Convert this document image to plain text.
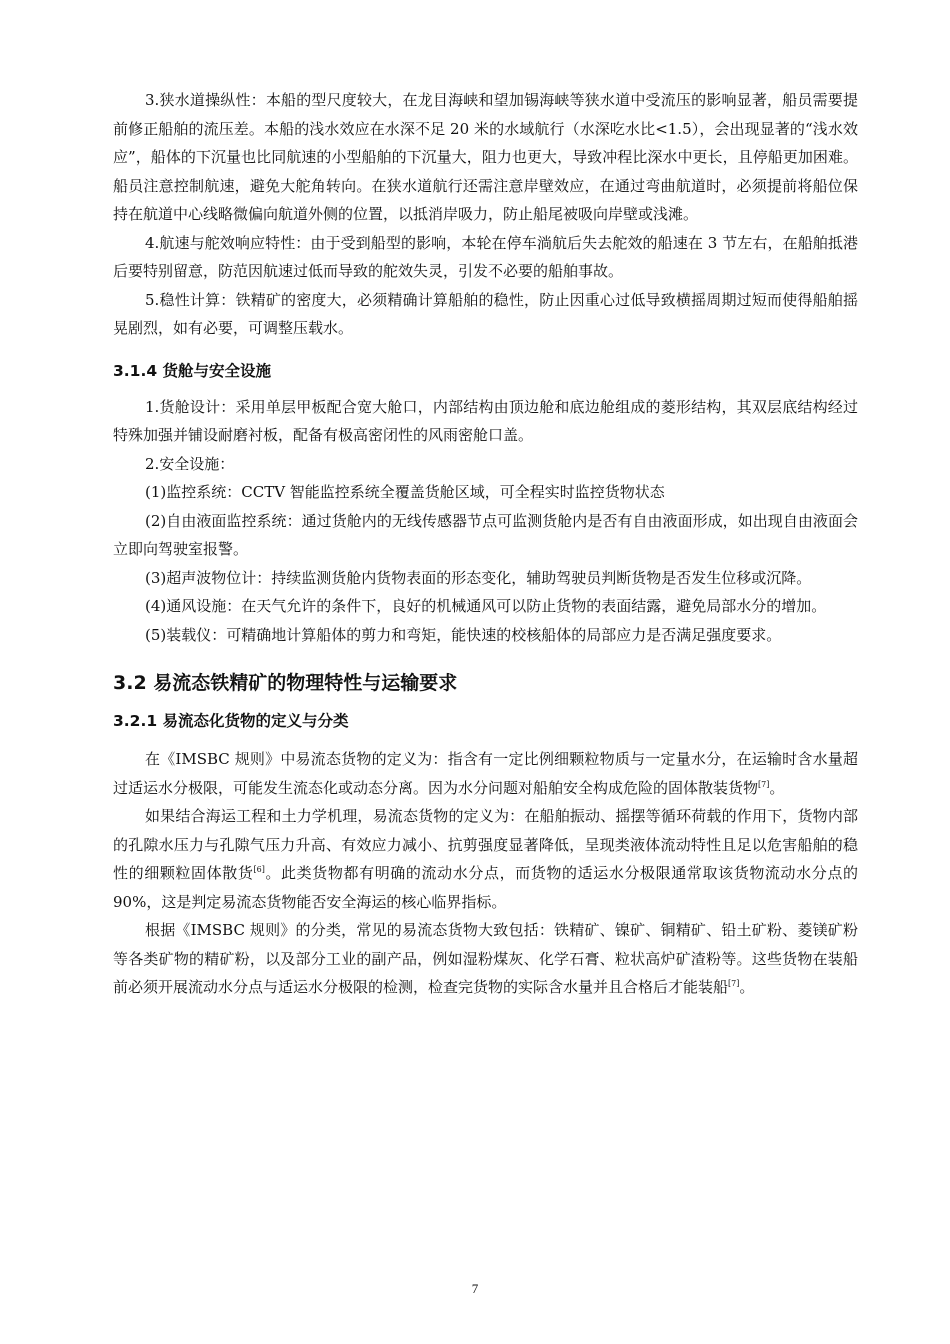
3.狭水道操纵性：本船的型尺度较大，在龙目海峡和望加锡海峡等狭水道中受流压的影响显著，船员需要提前修正船舶的流压差。本船的浅水效应在水深不足 20 米的水域航行（水深吃水比<1.5），会出现显著的“浅水效应”，船体的下沉量也比同航速的小型船舶的下沉量大，阻力也更大，导致冲程比深水中更长，且停船更加困难。船员注意控制航速，避免大舵角转向。在狭水道航行还需注意岸壁效应，在通过弯曲航道时，必须提前将船位保持在航道中心线略微偏向航道外侧的位置，以抵消岸吸力，防止船尾被吸向岸壁或浅滩。

4.航速与舵效响应特性：由于受到船型的影响，本轮在停车淌航后失去舵效的船速在 3 节左右，在船舶抵港后要特别留意，防范因航速过低而导致的舵效失灵，引发不必要的船舶事故。

5.稳性计算：铁精矿的密度大，必须精确计算船舶的稳性，防止因重心过低导致横摇周期过短而使得船舶摇晃剧烈，如有必要，可调整压载水。

3.1.4 货舱与安全设施

1.货舱设计：采用单层甲板配合宽大舱口，内部结构由顶边舱和底边舱组成的菱形结构，其双层底结构经过特殊加强并铺设耐磨衬板，配备有极高密闭性的风雨密舱口盖。

2.安全设施：

(1)监控系统：CCTV 智能监控系统全覆盖货舱区域，可全程实时监控货物状态

(2)自由液面监控系统：通过货舱内的无线传感器节点可监测货舱内是否有自由液面形成，如出现自由液面会立即向驾驶室报警。

(3)超声波物位计：持续监测货舱内货物表面的形态变化，辅助驾驶员判断货物是否发生位移或沉降。

(4)通风设施：在天气允许的条件下，良好的机械通风可以防止货物的表面结露，避免局部水分的增加。

(5)装载仪：可精确地计算船体的剪力和弯矩，能快速的校核船体的局部应力是否满足强度要求。

3.2 易流态铁精矿的物理特性与运输要求
3.2.1 易流态化货物的定义与分类

在《IMSBC 规则》中易流态货物的定义为：指含有一定比例细颗粒物质与一定量水分，在运输时含水量超过适运水分极限，可能发生流态化或动态分离。因为水分问题对船舶安全构成危险的固体散装货物[7]。

如果结合海运工程和土力学机理，易流态货物的定义为：在船舶振动、摇摆等循环荷载的作用下，货物内部的孔隙水压力与孔隙气压力升高、有效应力减小、抗剪强度显著降低，呈现类液体流动特性且足以危害船舶的稳性的细颗粒固体散货[6]。此类货物都有明确的流动水分点，而货物的适运水分极限通常取该货物流动水分点的 90%，这是判定易流态货物能否安全海运的核心临界指标。

根据《IMSBC 规则》的分类，常见的易流态货物大致包括：铁精矿、镍矿、铜精矿、铅土矿粉、菱镁矿粉等各类矿物的精矿粉，以及部分工业的副产品，例如湿粉煤灰、化学石膏、粒状高炉矿渣粉等。这些货物在装船前必须开展流动水分点与适运水分极限的检测，检查完货物的实际含水量并且合格后才能装船[7]。

7
